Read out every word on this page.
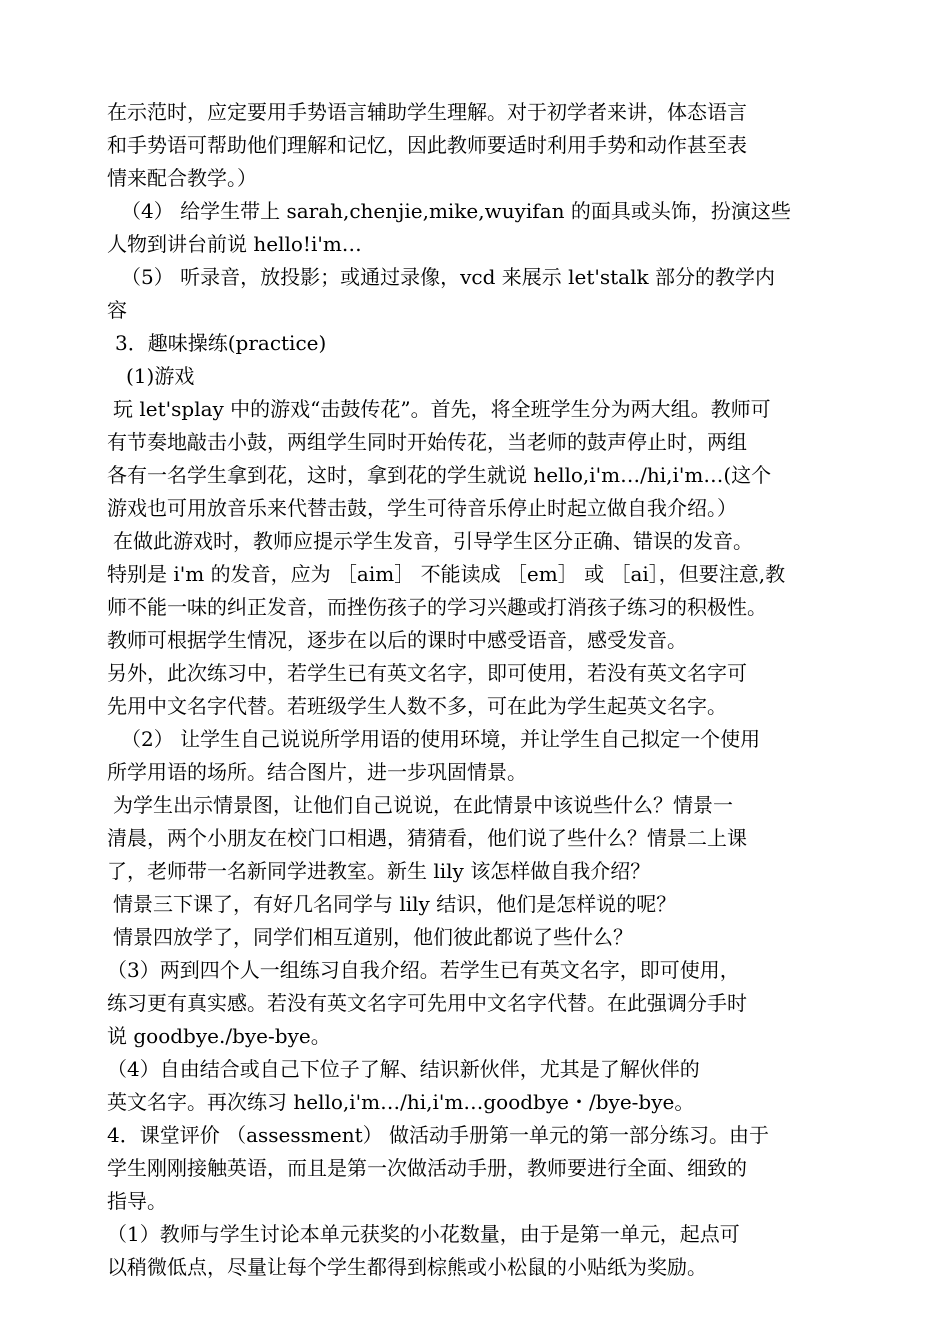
在示范时，应定要用手势语言辅助学生理解。对于初学者来讲，体态语言
和手势语可帮助他们理解和记忆，因此教师要适时利用手势和动作甚至表
情来配合教学。）
（4） 给学生带上 sarah,chenjie,mike,wuyifan 的面具或头饰，扮演这些
人物到讲台前说 hello!i'm…
（5） 听录音，放投影；或通过录像，vcd 来展示 let'stalk 部分的教学内
容
3．趣味操练(practice)
(1)游戏
玩 let'splay 中的游戏“击鼓传花”。首先，将全班学生分为两大组。教师可
有节奏地敲击小鼓，两组学生同时开始传花，当老师的鼓声停止时，两组
各有一名学生拿到花，这时，拿到花的学生就说 hello,i'm…/hi,i'm…(这个
游戏也可用放音乐来代替击鼓，学生可待音乐停止时起立做自我介绍。）
在做此游戏时，教师应提示学生发音，引导学生区分正确、错误的发音。
特别是 i'm 的发音，应为 ［aim］ 不能读成 ［em］ 或 ［ai］，但要注意,教
师不能一味的纠正发音，而挫伤孩子的学习兴趣或打消孩子练习的积极性。
教师可根据学生情况，逐步在以后的课时中感受语音，感受发音。
另外，此次练习中，若学生已有英文名字，即可使用，若没有英文名字可
先用中文名字代替。若班级学生人数不多，可在此为学生起英文名字。
（2） 让学生自己说说所学用语的使用环境，并让学生自己拟定一个使用
所学用语的场所。结合图片，进一步巩固情景。
为学生出示情景图，让他们自己说说，在此情景中该说些什么？情景一
清晨，两个小朋友在校门口相遇，猜猜看，他们说了些什么？情景二上课
了，老师带一名新同学进教室。新生 lily 该怎样做自我介绍？
情景三下课了，有好几名同学与 lily 结识，他们是怎样说的呢？
情景四放学了，同学们相互道别，他们彼此都说了些什么？
（3）两到四个人一组练习自我介绍。若学生已有英文名字，即可使用，
练习更有真实感。若没有英文名字可先用中文名字代替。在此强调分手时
说 goodbye./bye-bye。
（4）自由结合或自己下位子了解、结识新伙伴，尤其是了解伙伴的
英文名字。再次练习 hello,i'm…/hi,i'm…goodbye・/bye-bye。
4．课堂评价 （assessment） 做活动手册第一单元的第一部分练习。由于
学生刚刚接触英语，而且是第一次做活动手册，教师要进行全面、细致的
指导。
（1）教师与学生讨论本单元获奖的小花数量，由于是第一单元，起点可
以稍微低点，尽量让每个学生都得到棕熊或小松鼠的小贴纸为奖励。
